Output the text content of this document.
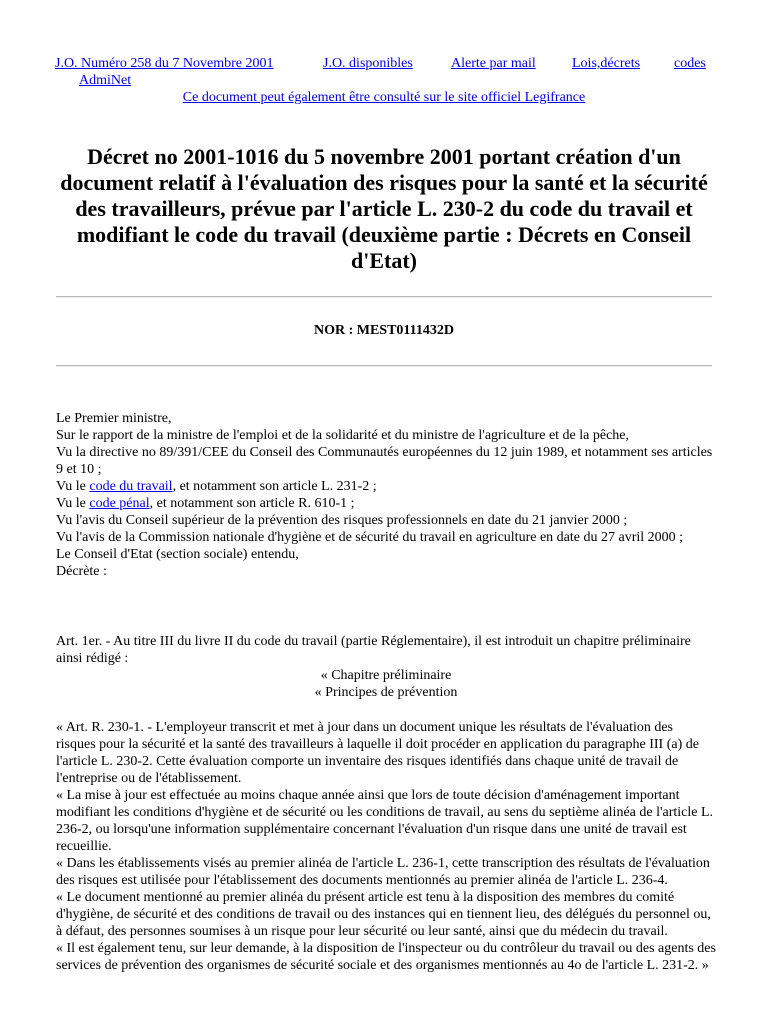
J.O. Numéro 258 du 7 Novembre 2001	J.O. disponibles	Alerte par mail	Lois,décrets codes
AdmiNet
Ce document peut également être consulté sur le site officiel Legifrance
Décret no 2001-1016 du 5 novembre 2001 portant création d'un document relatif à l'évaluation des risques pour la santé et la sécurité des travailleurs, prévue par l'article L. 230-2 du code du travail et modifiant le code du travail (deuxième partie : Décrets en Conseil d'Etat)
NOR : MEST0111432D

Le Premier ministre,

Sur le rapport de la ministre de l'emploi et de la solidarité et du ministre de l'agriculture et de la pêche,

Vu la directive no 89/391/CEE du Conseil des Communautés européennes du 12 juin 1989, et notamment ses articles 9 et 10 ;

Vu le code du travail, et notamment son article L. 231-2 ;

Vu le code pénal, et notamment son article R. 610-1 ;

Vu l'avis du Conseil supérieur de la prévention des risques professionnels en date du 21 janvier 2000 ;

Vu l'avis de la Commission nationale d'hygiène et de sécurité du travail en agriculture en date du 27 avril 2000 ;

Le Conseil d'Etat (section sociale) entendu,

Décrète :

Art. 1er. - Au titre III du livre II du code du travail (partie Réglementaire), il est introduit un chapitre préliminaire ainsi rédigé :

« Chapitre préliminaire

« Principes de prévention

« Art. R. 230-1. - L'employeur transcrit et met à jour dans un document unique les résultats de l'évaluation des risques pour la sécurité et la santé des travailleurs à laquelle il doit procéder en application du paragraphe III (a) de l'article L. 230-2. Cette évaluation comporte un inventaire des risques identifiés dans chaque unité de travail de l'entreprise ou de l'établissement.

« La mise à jour est effectuée au moins chaque année ainsi que lors de toute décision d'aménagement important modifiant les conditions d'hygiène et de sécurité ou les conditions de travail, au sens du septième alinéa de l'article L. 236-2, ou lorsqu'une information supplémentaire concernant l'évaluation d'un risque dans une unité de travail est recueillie.

« Dans les établissements visés au premier alinéa de l'article L. 236-1, cette transcription des résultats de l'évaluation des risques est utilisée pour l'établissement des documents mentionnés au premier alinéa de l'article L. 236-4.

« Le document mentionné au premier alinéa du présent article est tenu à la disposition des membres du comité d'hygiène, de sécurité et des conditions de travail ou des instances qui en tiennent lieu, des délégués du personnel ou, à défaut, des personnes soumises à un risque pour leur sécurité ou leur santé, ainsi que du médecin du travail.

« Il est également tenu, sur leur demande, à la disposition de l'inspecteur ou du contrôleur du travail ou des agents des services de prévention des organismes de sécurité sociale et des organismes mentionnés au 4o de l'article L. 231-2. »
